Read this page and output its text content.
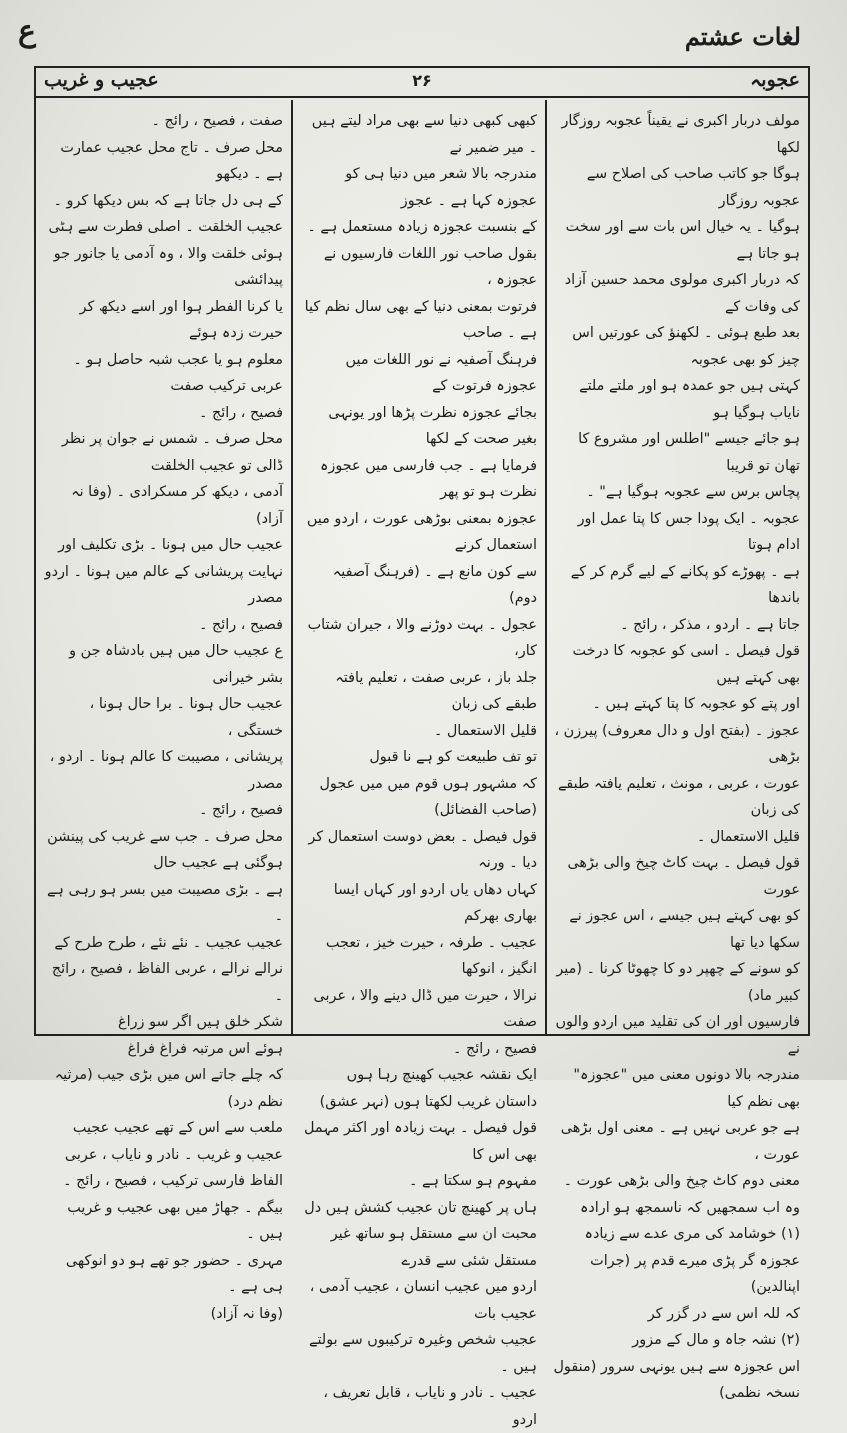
ع	لغات عشتم
عجیب و غریب	۲۶	عجوبہ

مولف دربار اکبری نے یقیناً عجوبہ روزگار لکھا

ہوگا جو کاتب صاحب کی اصلاح سے عجوبہ روزگار

ہوگیا ۔ یہ خیال اس بات سے اور سخت ہو جاتا ہے

کہ دربار اکبری مولوی محمد حسین آزاد کی وفات کے

بعد طبع ہوئی ۔ لکھنؤ کی عورتیں اس چیز کو بھی عجوبہ

کہتی ہیں جو عمدہ ہو اور ملتے ملتے نایاب ہوگیا ہو

ہو جائے جیسے "اطلس اور مشروع کا تھان تو قریبا

پچاس برس سے عجوبہ ہوگیا ہے" ۔

عجوبہ ۔ ایک پودا جس کا پتا عمل اور ادام ہوتا

ہے ۔ پھوڑے کو پکانے کے لیے گرم کر کے باندھا

جاتا ہے ۔ اردو ، مذکر ، رائج ۔

قول فیصل ۔ اسی کو عجوبہ کا درخت بھی کہتے ہیں

اور پتے کو عجوبہ کا پتا کہتے ہیں ۔

عجوز ۔ (بفتح اول و دال معروف) پیرزن ، بڑھی

عورت ، عربی ، مونث ، تعلیم یافتہ طبقے کی زبان

قلیل الاستعمال ۔

قول فیصل ۔ بہت کاٹ چیخ والی بڑھی عورت

کو بھی کہتے ہیں جیسے ، اس عجوز نے سکھا دیا تھا

کو سونے کے چھپر دو کا چھوٹا کرنا ۔ (میر کبیر ماد)

فارسیوں اور ان کی تقلید میں اردو والوں نے

مندرجہ بالا دونوں معنی میں "عجوزہ" بھی نظم کیا

ہے جو عربی نہیں ہے ۔ معنی اول بڑھی عورت ،

معنی دوم کاٹ چیخ والی بڑھی عورت ۔

وہ اب سمجھیں کہ ناسمجھ ہو ارادہ

(۱) خوشامد کی مری عدے سے زیادہ

عجوزہ گر پڑی میرے قدم پر (جرات اپنالدین)

کہ للہ اس سے در گزر کر

(۲) نشہ جاہ و مال کے مزور

اس عجوزہ سے ہیں یونہی سرور (منقول نسخہ نظمی)

کبھی کبھی دنیا سے بھی مراد لیتے ہیں ۔ میر ضمیر نے

مندرجہ بالا شعر میں دنیا ہی کو عجوزہ کہا ہے ۔ عجوز

کے بنسبت عجوزہ زیادہ مستعمل ہے ۔

بقول صاحب نور اللغات فارسیوں نے عجوزہ ،

فرتوت بمعنی دنیا کے بھی سال نظم کیا ہے ۔ صاحب

فرہنگ آصفیہ نے نور اللغات میں عجوزہ فرتوت کے

بجائے عجوزہ نظرت پڑھا اور یونہی بغیر صحت کے لکھا

فرمایا ہے ۔ جب فارسی میں عجوزہ نظرت ہو تو پھر

عجوزہ بمعنی بوڑھی عورت ، اردو میں استعمال کرنے

سے کون مانع ہے ۔ (فرہنگ آصفیہ دوم)

عجول ۔ بہت دوڑنے والا ، جیران شتاب کار،

جلد باز ، عربی صفت ، تعلیم یافتہ طبقے کی زبان

قلیل الاستعمال ۔

تو تف طبیعت کو ہے نا قبول

کہ مشہور ہوں قوم میں میں عجول (صاحب الفضائل)

قول فیصل ۔ بعض دوست استعمال کر دیا ۔ ورنہ

کہاں دھاں یاں اردو اور کہاں ایسا بھاری بھرکم

عجیب ۔ طرفہ ، حیرت خیز ، تعجب انگیز ، انوکھا

نرالا ، حیرت میں ڈال دینے والا ، عربی صفت

فصیح ، رائج ۔

ایک نقشہ عجیب کھینچ رہا ہوں

داستان غریب لکھتا ہوں (نہر عشق)

قول فیصل ۔ بہت زیادہ اور اکثر مہمل بھی اس کا

مفہوم ہو سکتا ہے ۔

ہاں پر کھینچ تان عجیب کشش ہیں دل

محبت ان سے مستقل ہو ساتھ غیر مستقل شئی سے قدرے

اردو میں عجیب انسان ، عجیب آدمی ، عجیب بات

عجیب شخص وغیرہ ترکیبوں سے بولتے ہیں ۔

عجیب ۔ نادر و نایاب ، قابل تعریف ، اردو

صفت ، فصیح ، رائج ۔

محل صرف ۔ تاج محل عجیب عمارت ہے ۔ دیکھو

کے ہی دل جاتا ہے کہ بس دیکھا کرو ۔

عجیب الخلقت ۔ اصلی فطرت سے ہٹی

ہوئی خلقت والا ، وہ آدمی یا جانور جو پیدائشی

یا کرنا الفطر ہوا اور اسے دیکھ کر حیرت زدہ ہوئے

معلوم ہو یا عجب شبہ حاصل ہو ۔ عربی ترکیب صفت

فصیح ، رائج ۔

محل صرف ۔ شمس نے جوان پر نظر ڈالی تو عجیب الخلقت

آدمی ، دیکھ کر مسکرادی ۔ (وفا نہ آزاد)

عجیب حال میں ہونا ۔ بڑی تکلیف اور

نہایت پریشانی کے عالم میں ہونا ۔ اردو مصدر

فصیح ، رائج ۔

ع عجیب حال میں ہیں بادشاہ جن و بشر خیرانی

عجیب حال ہونا ۔ برا حال ہونا ، خستگی ،

پریشانی ، مصیبت کا عالم ہونا ۔ اردو ، مصدر

فصیح ، رائج ۔

محل صرف ۔ جب سے غریب کی پینشن ہوگئی ہے عجیب حال

ہے ۔ بڑی مصیبت میں بسر ہو رہی ہے ۔

عجیب عجیب ۔ نئے نئے ، طرح طرح کے

نرالے نرالے ، عربی الفاظ ، فصیح ، رائج ۔

شکر خلق ہیں اگر سو زراغ

ہوئے اس مرتبہ فراغ فراغ

کہ چلے جاتے اس میں بڑی جیب (مرثیہ نظم درد)

ملعب سے اس کے تھے عجیب عجیب

عجیب و غریب ۔ نادر و نایاب ، عربی

الفاظ فارسی ترکیب ، فصیح ، رائج ۔

بیگم ۔ جھاڑ میں بھی عجیب و غریب ہیں ۔

مہری ۔ حضور جو تھے ہو دو انوکھی ہی ہے ۔

(وفا نہ آزاد)
